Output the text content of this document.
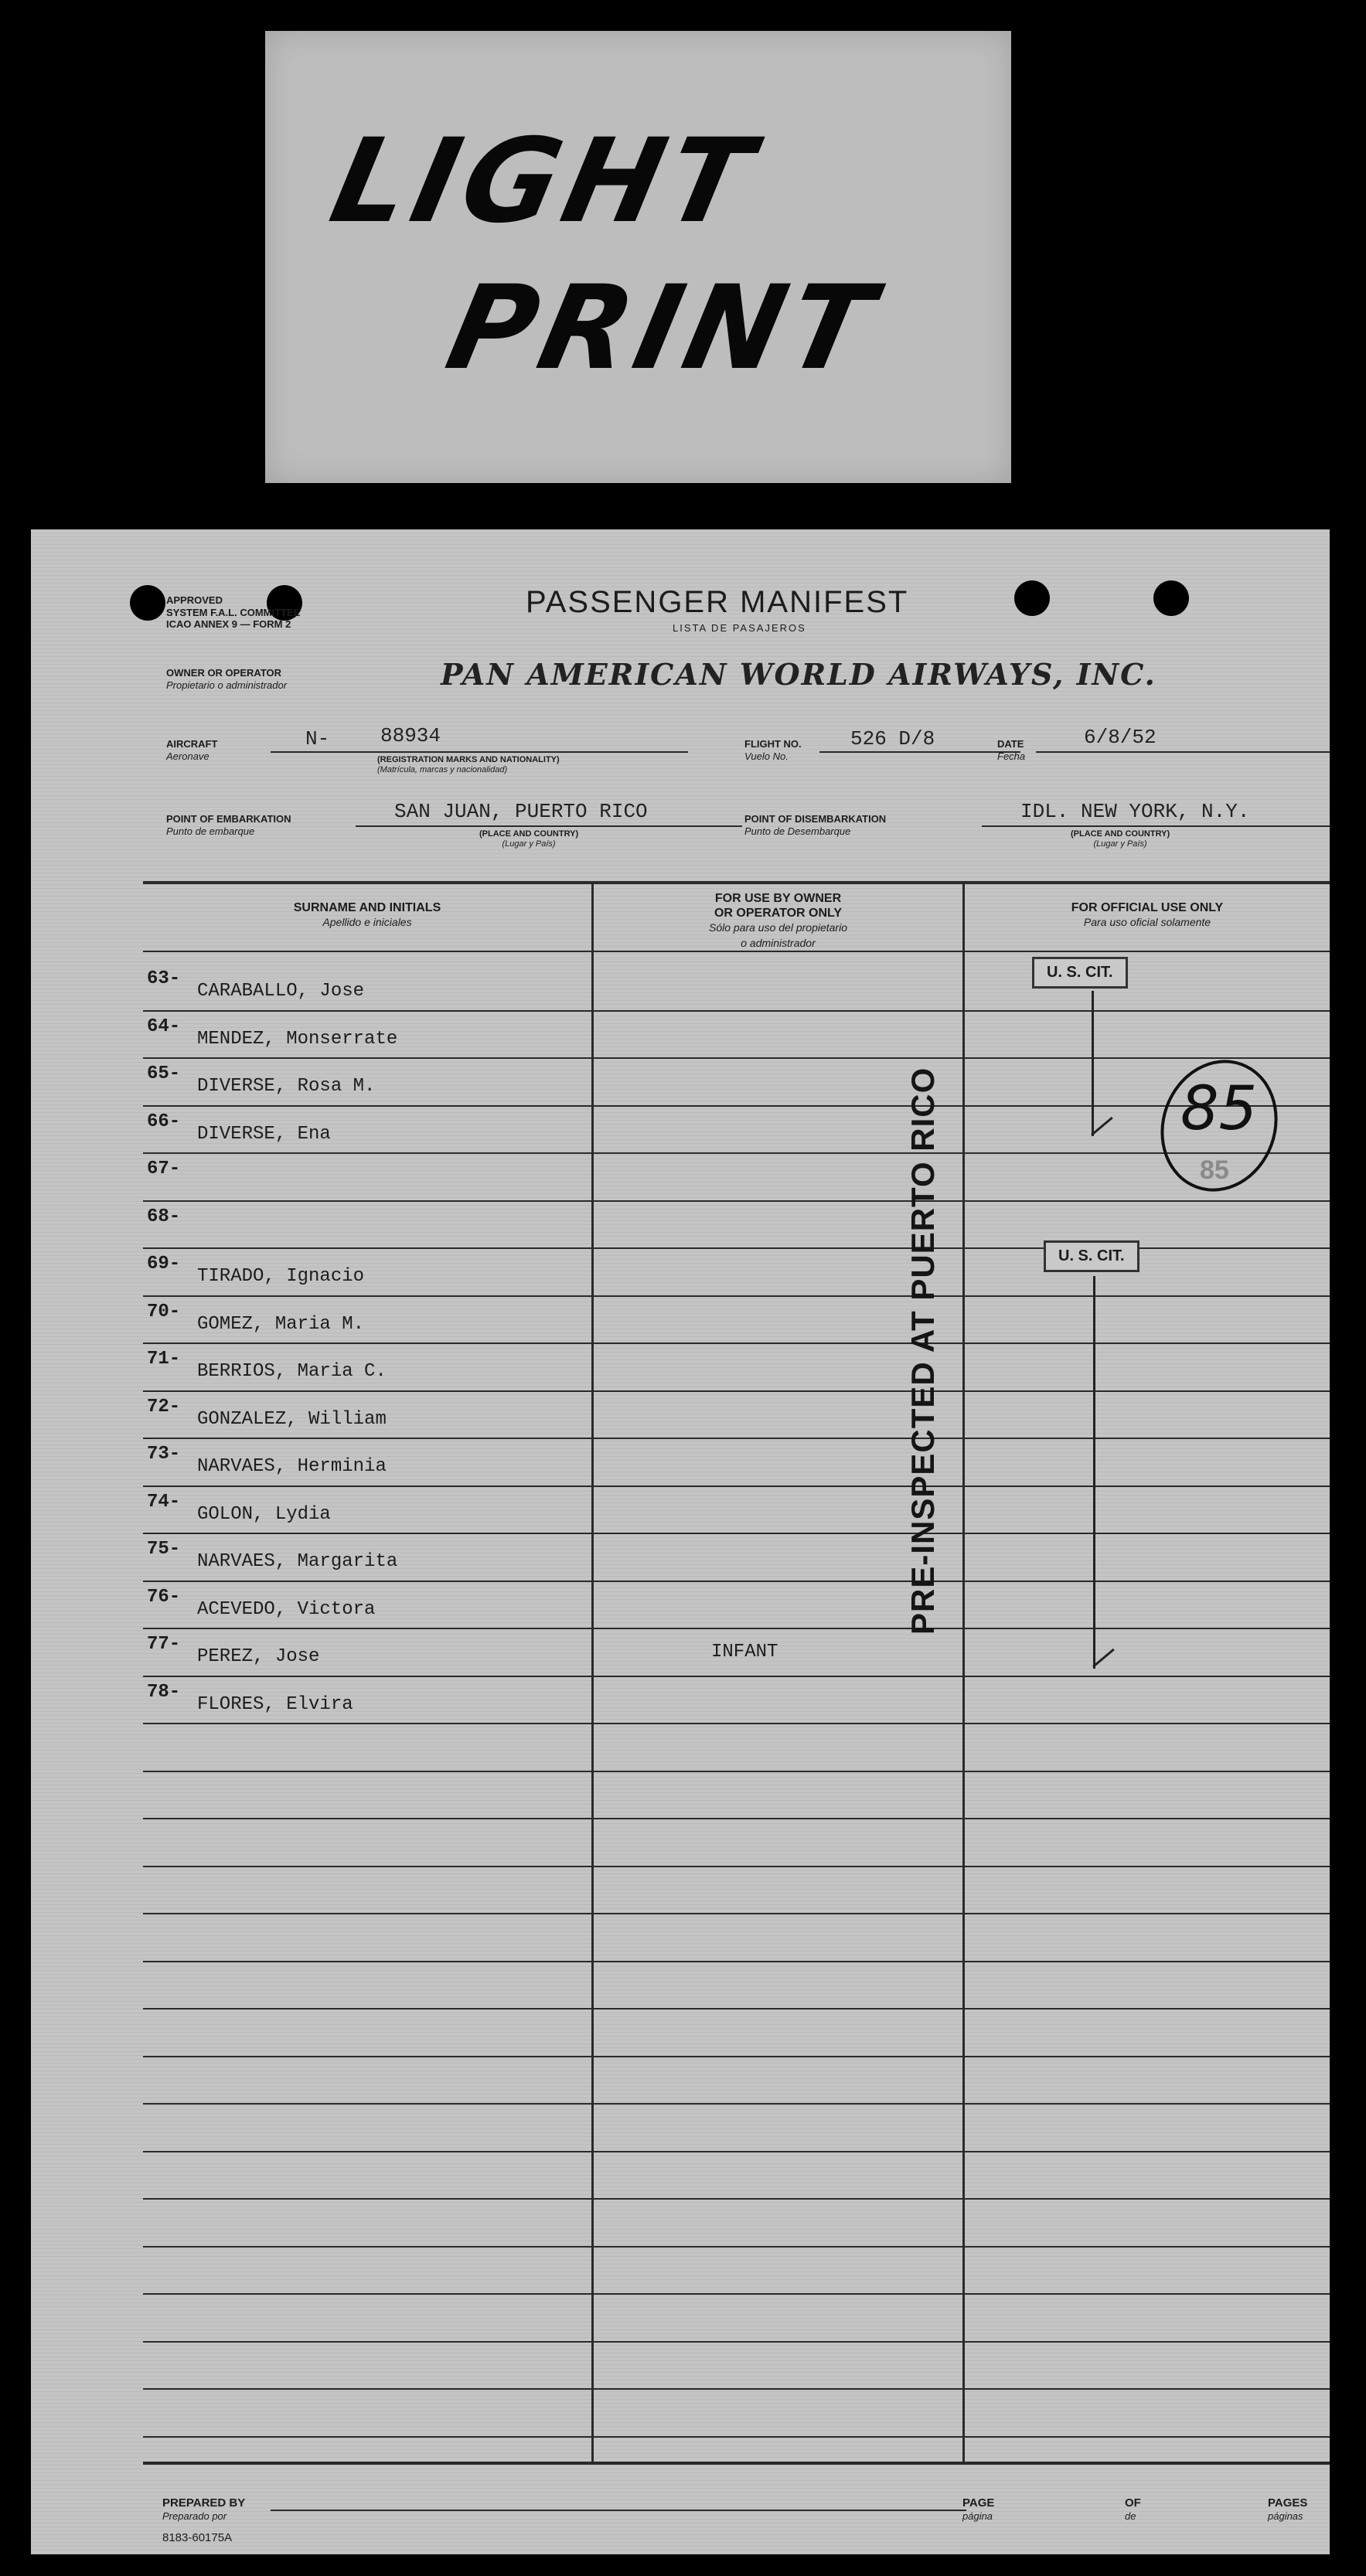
LIGHT
PRINT
APPROVED
SYSTEM F.A.L. COMMITTEE
ICAO ANNEX 9 — FORM 2
PASSENGER MANIFEST
LISTA DE PASAJEROS
OWNER OR OPERATOR
Propietario o administrador	PAN AMERICAN WORLD AIRWAYS, INC.
AIRCRAFT
Aeronave
N-	88934
(REGISTRATION MARKS AND NATIONALITY)
(Matrícula, marcas y nacionalidad)
FLIGHT NO.
Vuelo No.
526 D/8	DATE
Fecha
6/8/52
POINT OF EMBARKATION
Punto de embarque
SAN JUAN, PUERTO RICO
(PLACE AND COUNTRY)
(Lugar y País)
POINT OF DISEMBARKATION
Punto de Desembarque
IDL. NEW YORK, N.Y.
(PLACE AND COUNTRY)
(Lugar y País)
SURNAME AND INITIALS
Apellido e iniciales
FOR USE BY OWNER
OR OPERATOR ONLY
Sólo para uso del propietario
o administrador
FOR OFFICIAL USE ONLY
Para uso oficial solamente
63-
CARABALLO, Jose
64-
MENDEZ, Monserrate
65-
DIVERSE, Rosa M.
66-
DIVERSE, Ena
67-
68-
69-
TIRADO, Ignacio
70-
GOMEZ, Maria M.
71-
BERRIOS, Maria C.
72-
GONZALEZ, William
73-
NARVAES, Herminia
74-
GOLON, Lydia
75-
NARVAES, Margarita
76-
ACEVEDO, Victora
77-
PEREZ, Jose	INFANT
78-
FLORES, Elvira
U. S. CIT.
85
85
U. S. CIT.
PRE-INSPECTED AT PUERTO RICO
PREPARED BY
Preparado por
PAGE
página
OF
de
PAGES
páginas
8183-60175A
